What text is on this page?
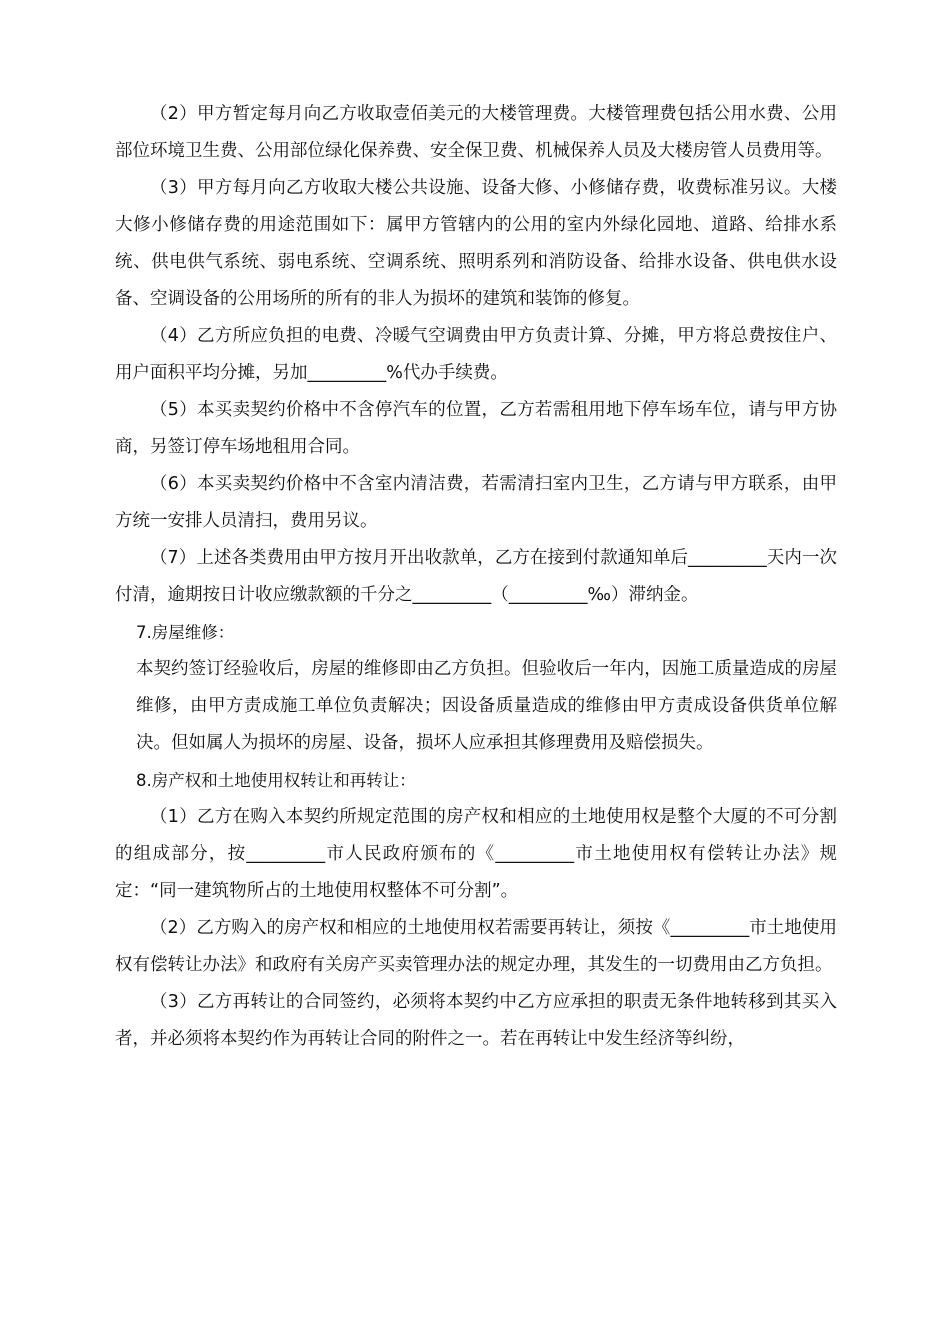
（2）甲方暂定每月向乙方收取壹佰美元的大楼管理费。大楼管理费包括公用水费、公用部位环境卫生费、公用部位绿化保养费、安全保卫费、机械保养人员及大楼房管人员费用等。

（3）甲方每月向乙方收取大楼公共设施、设备大修、小修储存费，收费标准另议。大楼大修小修储存费的用途范围如下：属甲方管辖内的公用的室内外绿化园地、道路、给排水系统、供电供气系统、弱电系统、空调系统、照明系列和消防设备、给排水设备、供电供水设备、空调设备的公用场所的所有的非人为损坏的建筑和装饰的修复。

（4）乙方所应负担的电费、冷暖气空调费由甲方负责计算、分摊，甲方将总费按住户、用户面积平均分摊，另加_________%代办手续费。

（5）本买卖契约价格中不含停汽车的位置，乙方若需租用地下停车场车位，请与甲方协商，另签订停车场地租用合同。

（6）本买卖契约价格中不含室内清洁费，若需清扫室内卫生，乙方请与甲方联系，由甲方统一安排人员清扫，费用另议。

（7）上述各类费用由甲方按月开出收款单，乙方在接到付款通知单后_________天内一次付清，逾期按日计收应缴款额的千分之_________（_________‰）滞纳金。

7.房屋维修：

本契约签订经验收后，房屋的维修即由乙方负担。但验收后一年内，因施工质量造成的房屋维修，由甲方责成施工单位负责解决；因设备质量造成的维修由甲方责成设备供货单位解决。但如属人为损坏的房屋、设备，损坏人应承担其修理费用及赔偿损失。

8.房产权和土地使用权转让和再转让：

（1）乙方在购入本契约所规定范围的房产权和相应的土地使用权是整个大厦的不可分割的组成部分，按_________市人民政府颁布的《_________市土地使用权有偿转让办法》规定：“同一建筑物所占的土地使用权整体不可分割”。

（2）乙方购入的房产权和相应的土地使用权若需要再转让，须按《_________市土地使用权有偿转让办法》和政府有关房产买卖管理办法的规定办理，其发生的一切费用由乙方负担。

（3）乙方再转让的合同签约，必须将本契约中乙方应承担的职责无条件地转移到其买入者，并必须将本契约作为再转让合同的附件之一。若在再转让中发生经济等纠纷，
